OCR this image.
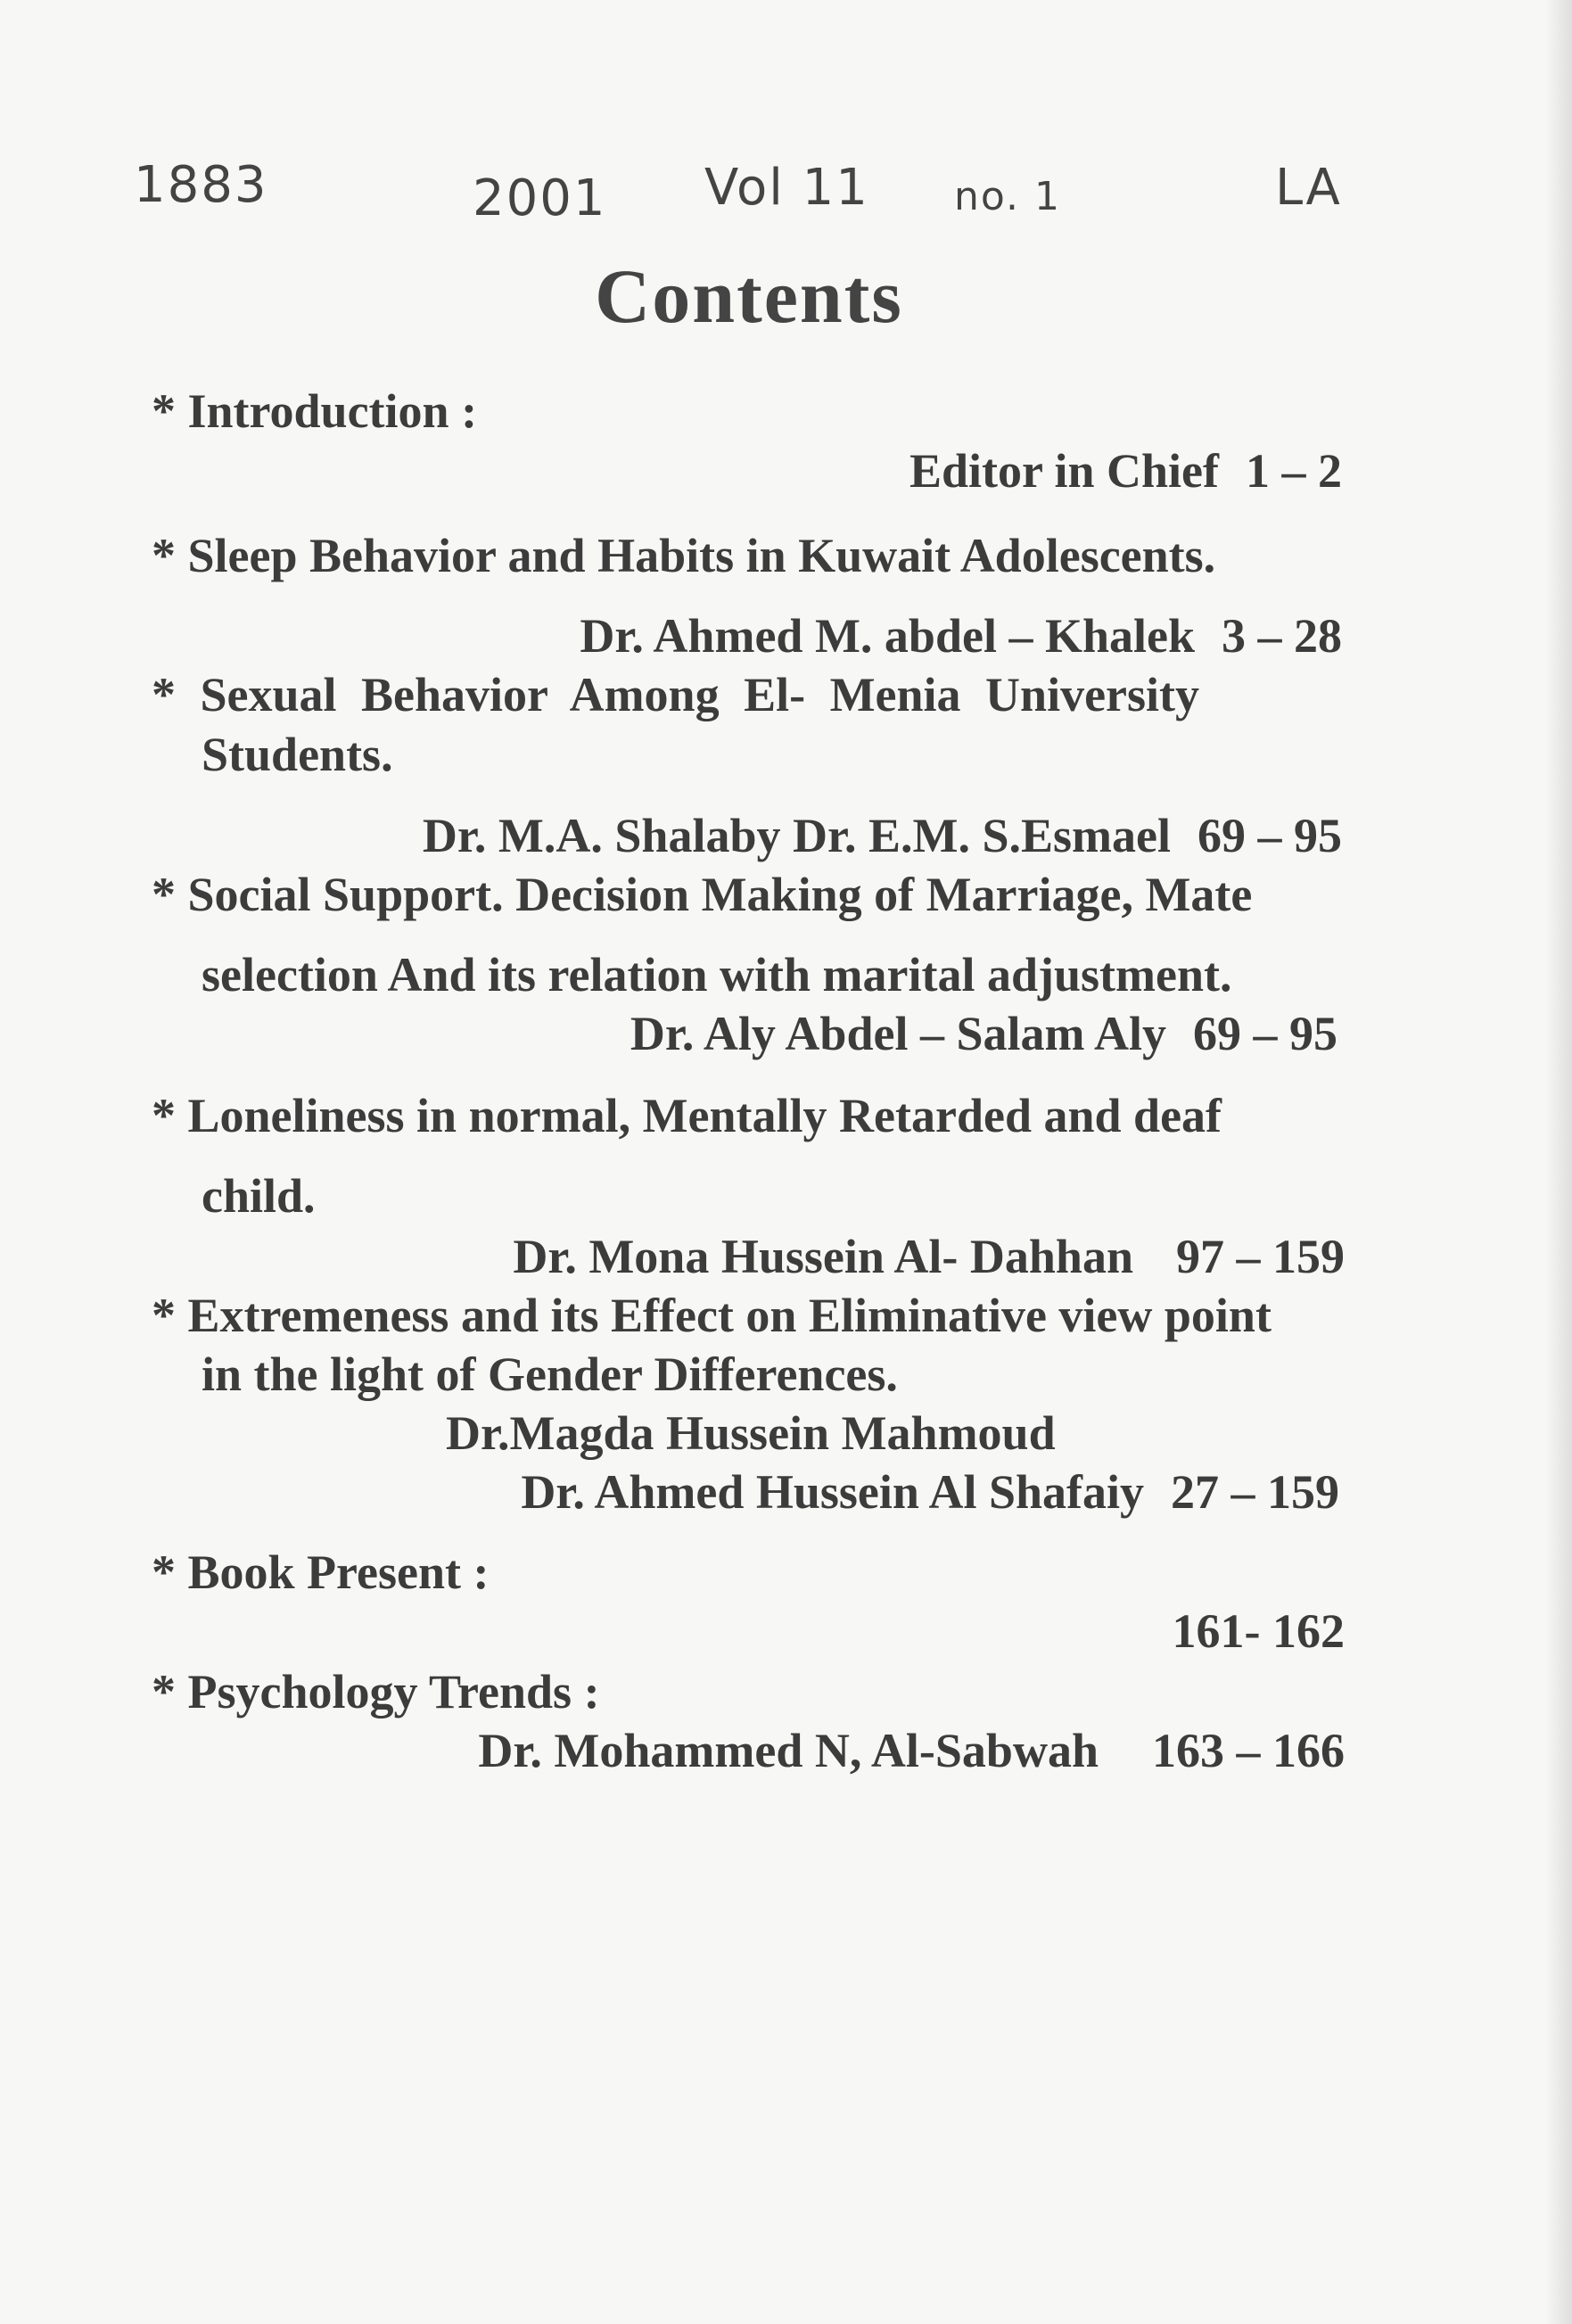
1883	2001 Vol 11 no. 1	LA
Contents
* Introduction :
Editor in Chief 1 – 2
* Sleep Behavior and Habits in Kuwait Adolescents.
Dr. Ahmed M. abdel – Khalek 3 – 28
* Sexual Behavior Among El- Menia University
Students.
Dr. M.A. Shalaby Dr. E.M. S.Esmael 69 – 95
* Social Support. Decision Making of Marriage, Mate
selection And its relation with marital adjustment.
Dr. Aly Abdel – Salam Aly 69 – 95
* Loneliness in normal, Mentally Retarded and deaf
child.
Dr. Mona Hussein Al- Dahhan 97 – 159
* Extremeness and its Effect on Eliminative view point
in the light of Gender Differences.
Dr.Magda Hussein Mahmoud
Dr. Ahmed Hussein Al Shafaiy 27 – 159
* Book Present :
161- 162
* Psychology Trends :
Dr. Mohammed N, Al-Sabwah 163 – 166
